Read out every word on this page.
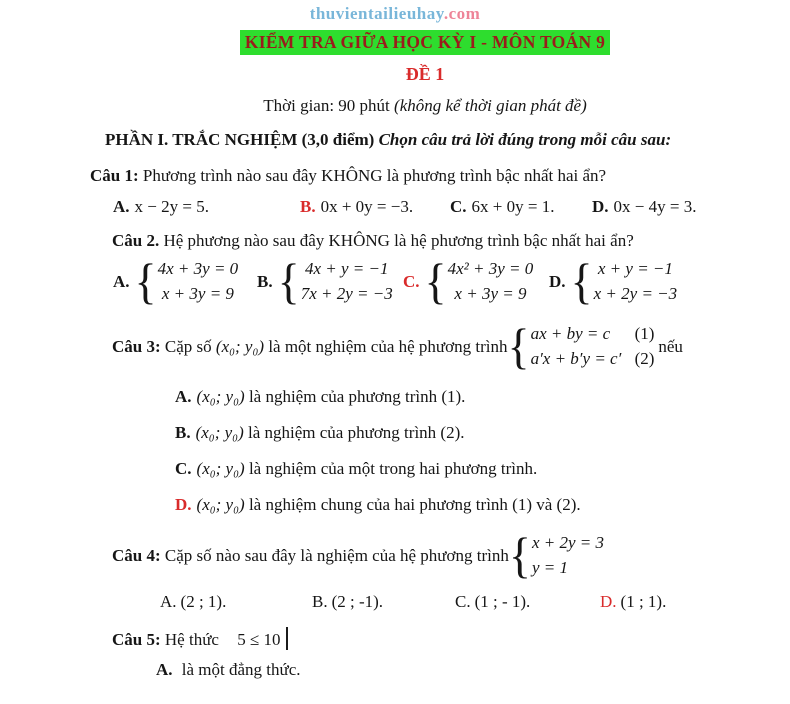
thuvientailieuhay.com
KIỂM TRA GIỮA HỌC KỲ I - MÔN TOÁN 9
ĐỀ 1
Thời gian: 90 phút (không kể thời gian phát đề)
PHẦN I. TRẮC NGHIỆM (3,0 điểm) Chọn câu trả lời đúng trong mỗi câu sau:
Câu 1: Phương trình nào sau đây KHÔNG là phương trình bậc nhất hai ẩn?
A. x − 2y = 5.	B. 0x + 0y = −3.	C. 6x + 0y = 1.	D. 0x − 4y = 3.
Câu 2. Hệ phương nào sau đây KHÔNG là hệ phương trình bậc nhất hai ẩn?
A. { 4x + 3y = 0
x + 3y = 9
B. { 4x + y = −1
7x + 2y = −3
C. { 4x² + 3y = 0
x + 3y = 9
D. { x + y = −1
x + 2y = −3
Câu 3: Cặp số (x₀; y₀) là một nghiệm của hệ phương trình { ax + by = c (1)
a′x + b′y = c′ (2)
nếu
A. (x₀; y₀) là nghiệm của phương trình (1).
B. (x₀; y₀) là nghiệm của phương trình (2).
C. (x₀; y₀) là nghiệm của một trong hai phương trình.
D. (x₀; y₀) là nghiệm chung của hai phương trình (1) và (2).
Câu 4: Cặp số nào sau đây là nghiệm của hệ phương trình { x + 2y = 3
y = 1
A. (2 ; 1).	B. (2 ; -1).	C. (1 ; - 1).	D. (1 ; 1).
Câu 5: Hệ thức 5 ≤ 10
A. là một đẳng thức.
